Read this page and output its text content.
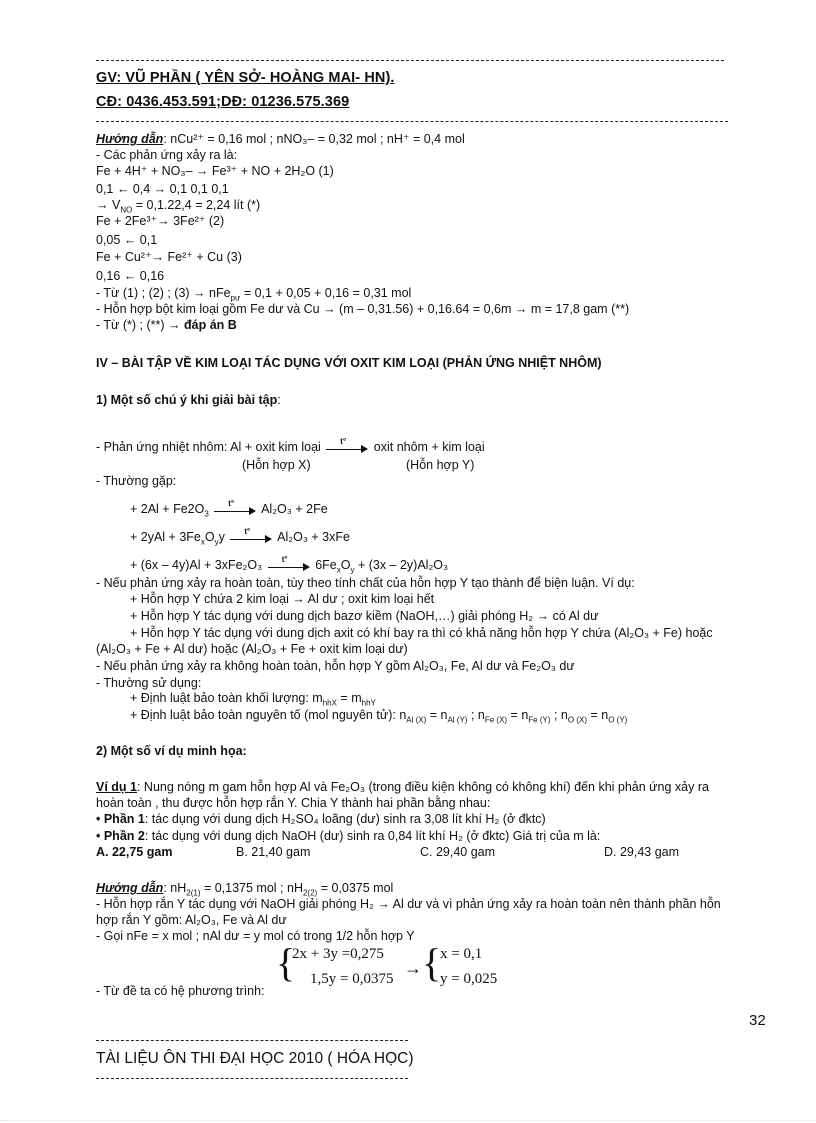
GV: VŨ PHẦN ( YÊN SỞ- HOÀNG MAI- HN).
CĐ: 0436.453.591;DĐ: 01236.575.369
Hướng dẫn: nCu²⁺ = 0,16 mol ; nNO₃– = 0,32 mol ; nH⁺ = 0,4 mol
- Các phản ứng xảy ra là:
Fe + 4H⁺ + NO₃– → Fe³⁺ + NO + 2H₂O (1)
0,1 ← 0,4 → 0,1 0,1 0,1
→ $V_{NO} = 0,1.22,4 = 2,24$ lít (*)
Fe + 2Fe³⁺→ 3Fe²⁺ (2)
0,05 ← 0,1
Fe + Cu²⁺→ Fe²⁺ + Cu (3)
0,16 ← 0,16
- Từ (1) ; (2) ; (3) → nFe$_{pư}$ = 0,1 + 0,05 + 0,16 = 0,31 mol
- Hỗn hợp bột kim loại gồm Fe dư và Cu → (m – 0,31.56) + 0,16.64 = 0,6m → m = 17,8 gam (**)
- Từ (*) ; (**) → đáp án B
IV – BÀI TẬP VỀ KIM LOẠI TÁC DỤNG VỚI OXIT KIM LOẠI (PHẢN ỨNG NHIỆT NHÔM)
1) Một số chú ý khi giải bài tập:
- Phản ứng nhiệt nhôm: Al + oxit kim loại t° oxit nhôm + kim loại
(Hỗn hợp X)	(Hỗn hợp Y)
- Thường gặp:
+ $2Al + Fe2O_3$
t° Al₂O₃ + 2Fe
+ $2yAl + 3Fe_xO_yy$ t° Al₂O₃ + 3xFe
+ (6x – 4y)Al + 3xFe₂O₃ t° $6Fe_xO_y + (3x - 2y)Al_2O_3$
- Nếu phản ứng xảy ra hoàn toàn, tùy theo tính chất của hỗn hợp Y tạo thành để biện luận. Ví dụ:
+ Hỗn hợp Y chứa 2 kim loại → Al dư ; oxit kim loại hết
+ Hỗn hợp Y tác dụng với dung dịch bazơ kiềm (NaOH,…) giải phóng H₂ → có Al dư
+ Hỗn hợp Y tác dụng với dung dịch axit có khí bay ra thì có khả năng hỗn hợp Y chứa (Al₂O₃ + Fe) hoặc
(Al₂O₃ + Fe + Al dư) hoặc (Al₂O₃ + Fe + oxit kim loại dư)
- Nếu phản ứng xảy ra không hoàn toàn, hỗn hợp Y gồm Al₂O₃, Fe, Al dư và Fe₂O₃ dư
- Thường sử dụng:
+ Định luật bảo toàn khối lượng: $m_{hhX} = m_{hhY}$
+ Định luật bảo toàn nguyên tố (mol nguyên tử): $n_{Al (X)} = n_{Al (Y)}$ ; $n_{Fe (X)} = n_{Fe (Y)}$ ; $n_{O (X)} = n_{O (Y)}$
2) Một số ví dụ minh họa:
Ví dụ 1: Nung nóng m gam hỗn hợp Al và Fe₂O₃ (trong điều kiện không có không khí) đến khi phản ứng xảy ra
hoàn toàn , thu được hỗn hợp rắn Y. Chia Y thành hai phần bằng nhau:
• Phần 1: tác dụng với dung dịch H₂SO₄ loãng (dư) sinh ra 3,08 lít khí H₂ (ở đktc)
• Phần 2: tác dụng với dung dịch NaOH (dư) sinh ra 0,84 lít khí H₂ (ở đktc) Giá trị của m là:
A. 22,75 gam	B. 21,40 gam	C. 29,40 gam	D. 29,43 gam
Hướng dẫn: $nH_{2(1)} = 0,1375$ mol ; $nH_{2(2)} = 0,0375$ mol
- Hỗn hợp rắn Y tác dụng với NaOH giải phóng H₂ → Al dư và vì phản ứng xảy ra hoàn toàn nên thành phần hỗn
hợp rắn Y gồm: Al₂O₃, Fe và Al dư
- Gọi nFe = x mol ; nAl dư = y mol có trong 1/2 hỗn hợp Y
- Từ đề ta có hệ phương trình:
{
2x + 3y =0,275
1,5y = 0,0375
→ {
x = 0,1
y = 0,025
32
TÀI LIỆU ÔN THI ĐẠI HỌC 2010 ( HÓA HỌC)
